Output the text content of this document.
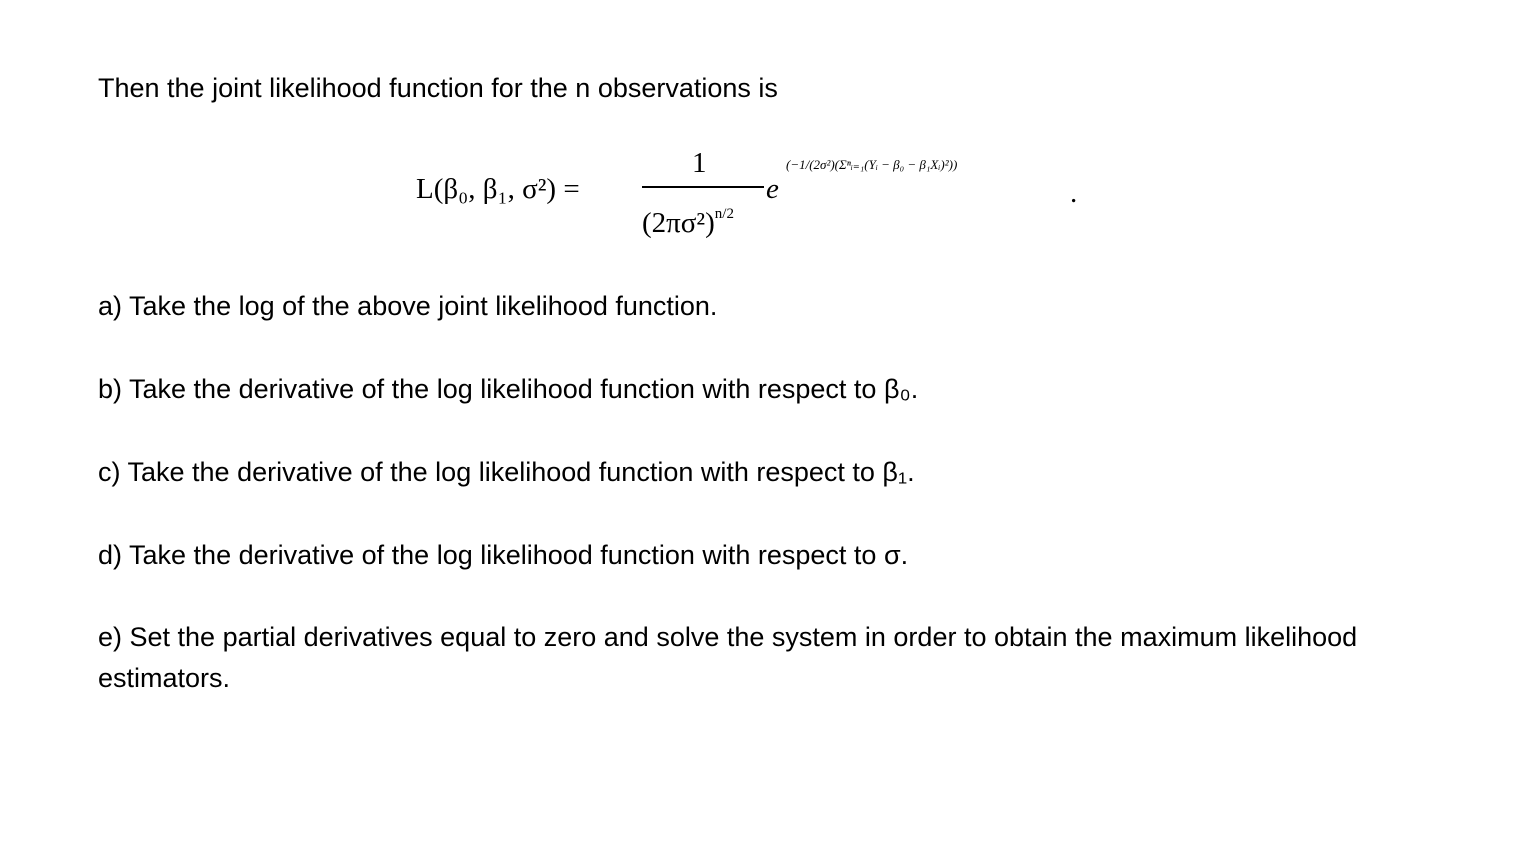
Then the joint likelihood function for the n observations is

L(β₀, β₁, σ²) =
1
$(2\pi\sigma^2)^{n/2}$
e
(−1/(2σ²)(Σⁿᵢ₌₁(Yᵢ − β₀ − β₁Xᵢ)²))
.

a) Take the log of the above joint likelihood function.

b) Take the derivative of the log likelihood function with respect to β₀.

c) Take the derivative of the log likelihood function with respect to β₁.

d) Take the derivative of the log likelihood function with respect to σ.

e) Set the partial derivatives equal to zero and solve the system in order to obtain the maximum likelihood estimators.
